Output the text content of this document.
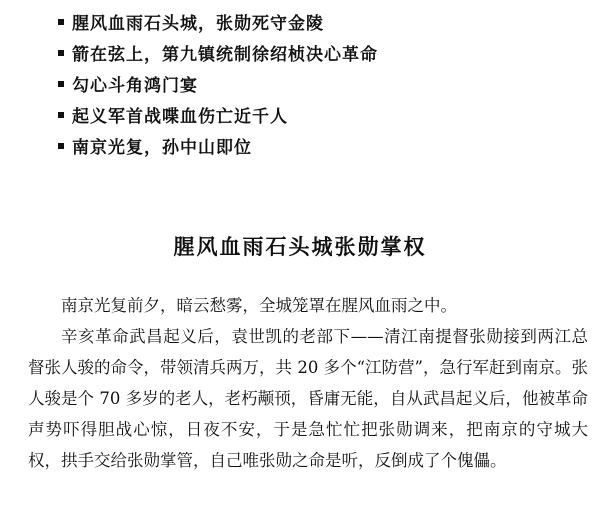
腥风血雨石头城，张勋死守金陵
箭在弦上，第九镇统制徐绍桢决心革命
勾心斗角鸿门宴
起义军首战喋血伤亡近千人
南京光复，孙中山即位
腥风血雨石头城张勋掌权

南京光复前夕，暗云愁雾，全城笼罩在腥风血雨之中。

辛亥革命武昌起义后，袁世凯的老部下——清江南提督张勋接到两江总督张人骏的命令，带领清兵两万，共 20 多个“江防营”，急行军赶到南京。张人骏是个 70 多岁的老人，老朽颟顸，昏庸无能，自从武昌起义后，他被革命声势吓得胆战心惊，日夜不安，于是急忙忙把张勋调来，把南京的守城大权，拱手交给张勋掌管，自己唯张勋之命是听，反倒成了个傀儡。
